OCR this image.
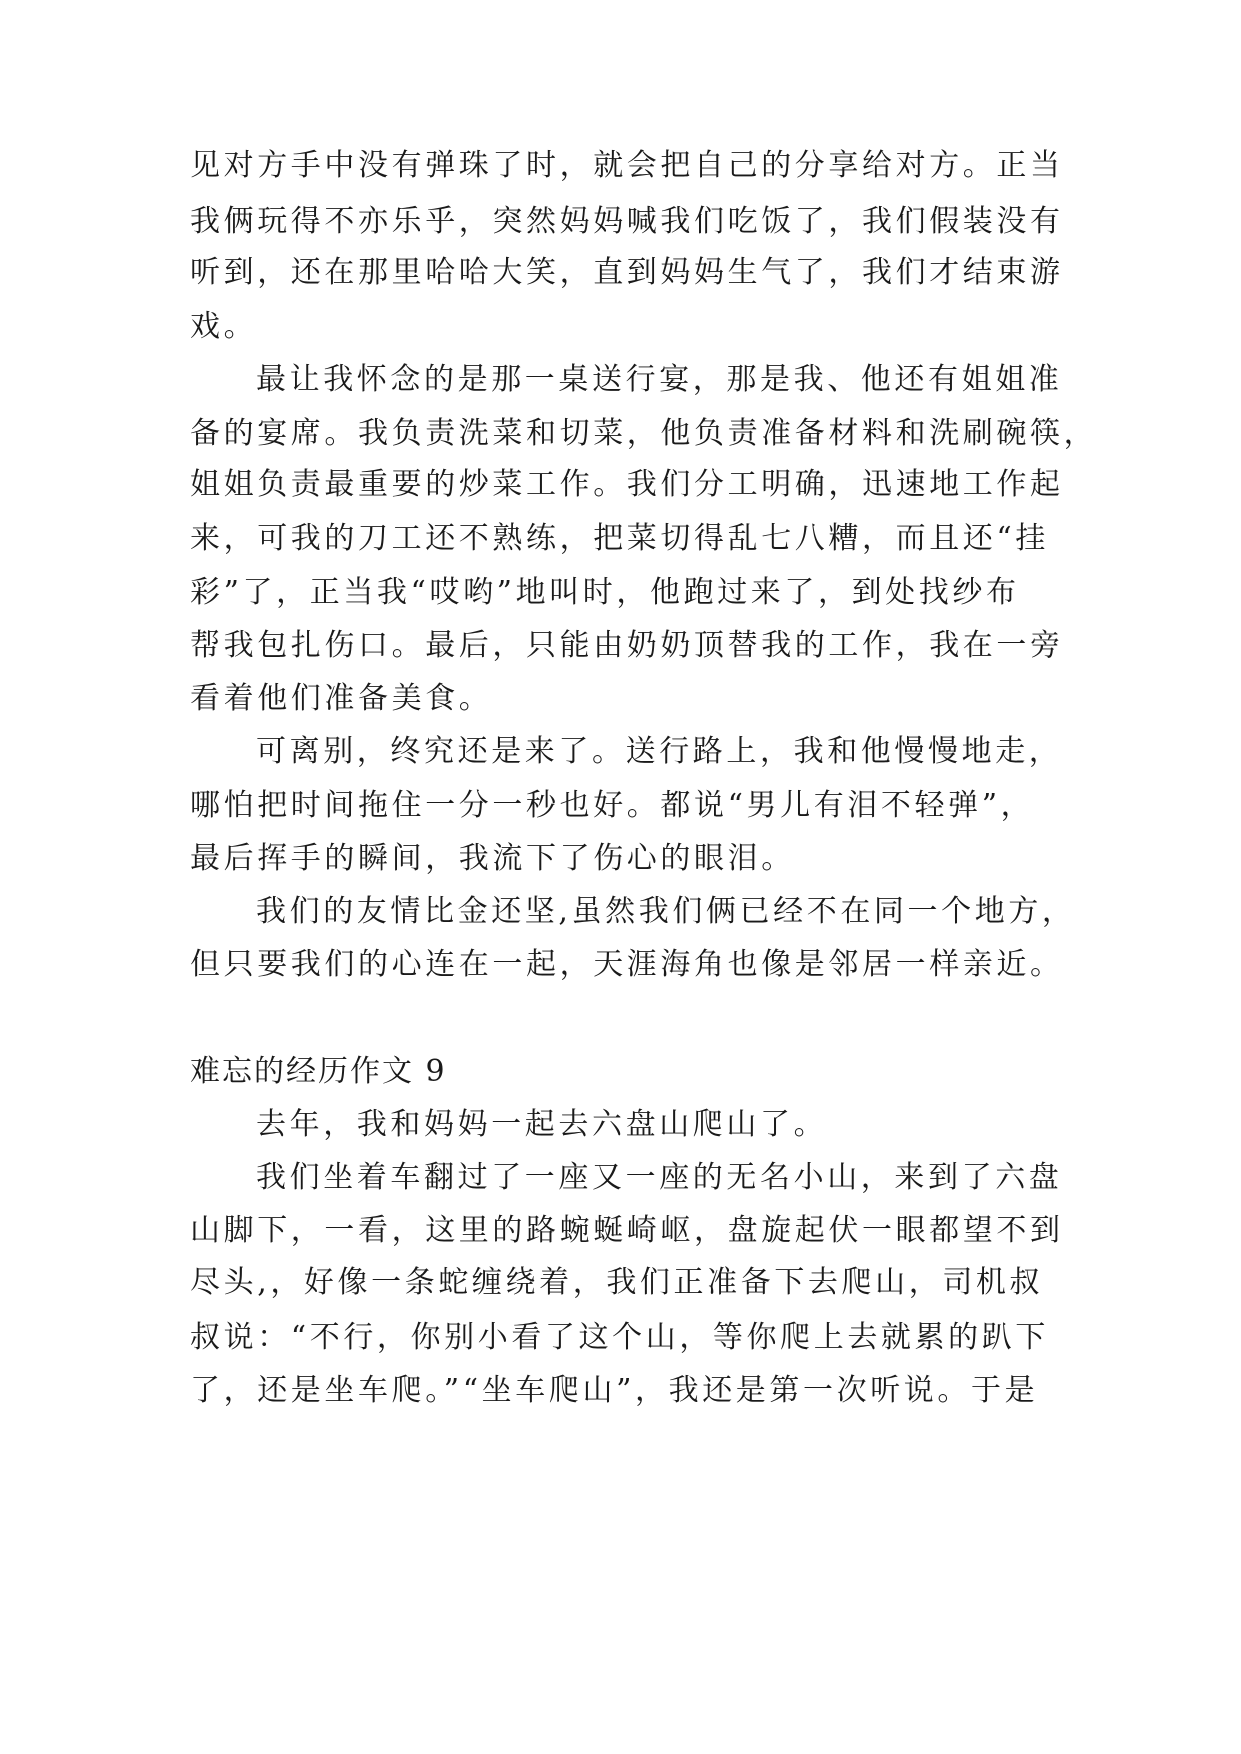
见对方手中没有弹珠了时，就会把自己的分享给对方。正当
我俩玩得不亦乐乎，突然妈妈喊我们吃饭了，我们假装没有
听到，还在那里哈哈大笑，直到妈妈生气了，我们才结束游
戏。
最让我怀念的是那一桌送行宴，那是我、他还有姐姐准
备的宴席。我负责洗菜和切菜，他负责准备材料和洗刷碗筷，
姐姐负责最重要的炒菜工作。我们分工明确，迅速地工作起
来，可我的刀工还不熟练，把菜切得乱七八糟，而且还“挂
彩”了，正当我“哎哟”地叫时，他跑过来了，到处找纱布
帮我包扎伤口。最后，只能由奶奶顶替我的工作，我在一旁
看着他们准备美食。
可离别，终究还是来了。送行路上，我和他慢慢地走，
哪怕把时间拖住一分一秒也好。都说“男儿有泪不轻弹”，
最后挥手的瞬间，我流下了伤心的眼泪。
我们的友情比金还坚,虽然我们俩已经不在同一个地方，
但只要我们的心连在一起，天涯海角也像是邻居一样亲近。
难忘的经历作文 9
去年，我和妈妈一起去六盘山爬山了。
我们坐着车翻过了一座又一座的无名小山，来到了六盘
山脚下，一看，这里的路蜿蜒崎岖，盘旋起伏一眼都望不到
尽头,，好像一条蛇缠绕着，我们正准备下去爬山，司机叔
叔说：“不行，你别小看了这个山，等你爬上去就累的趴下
了，还是坐车爬。”“坐车爬山”，我还是第一次听说。于是
